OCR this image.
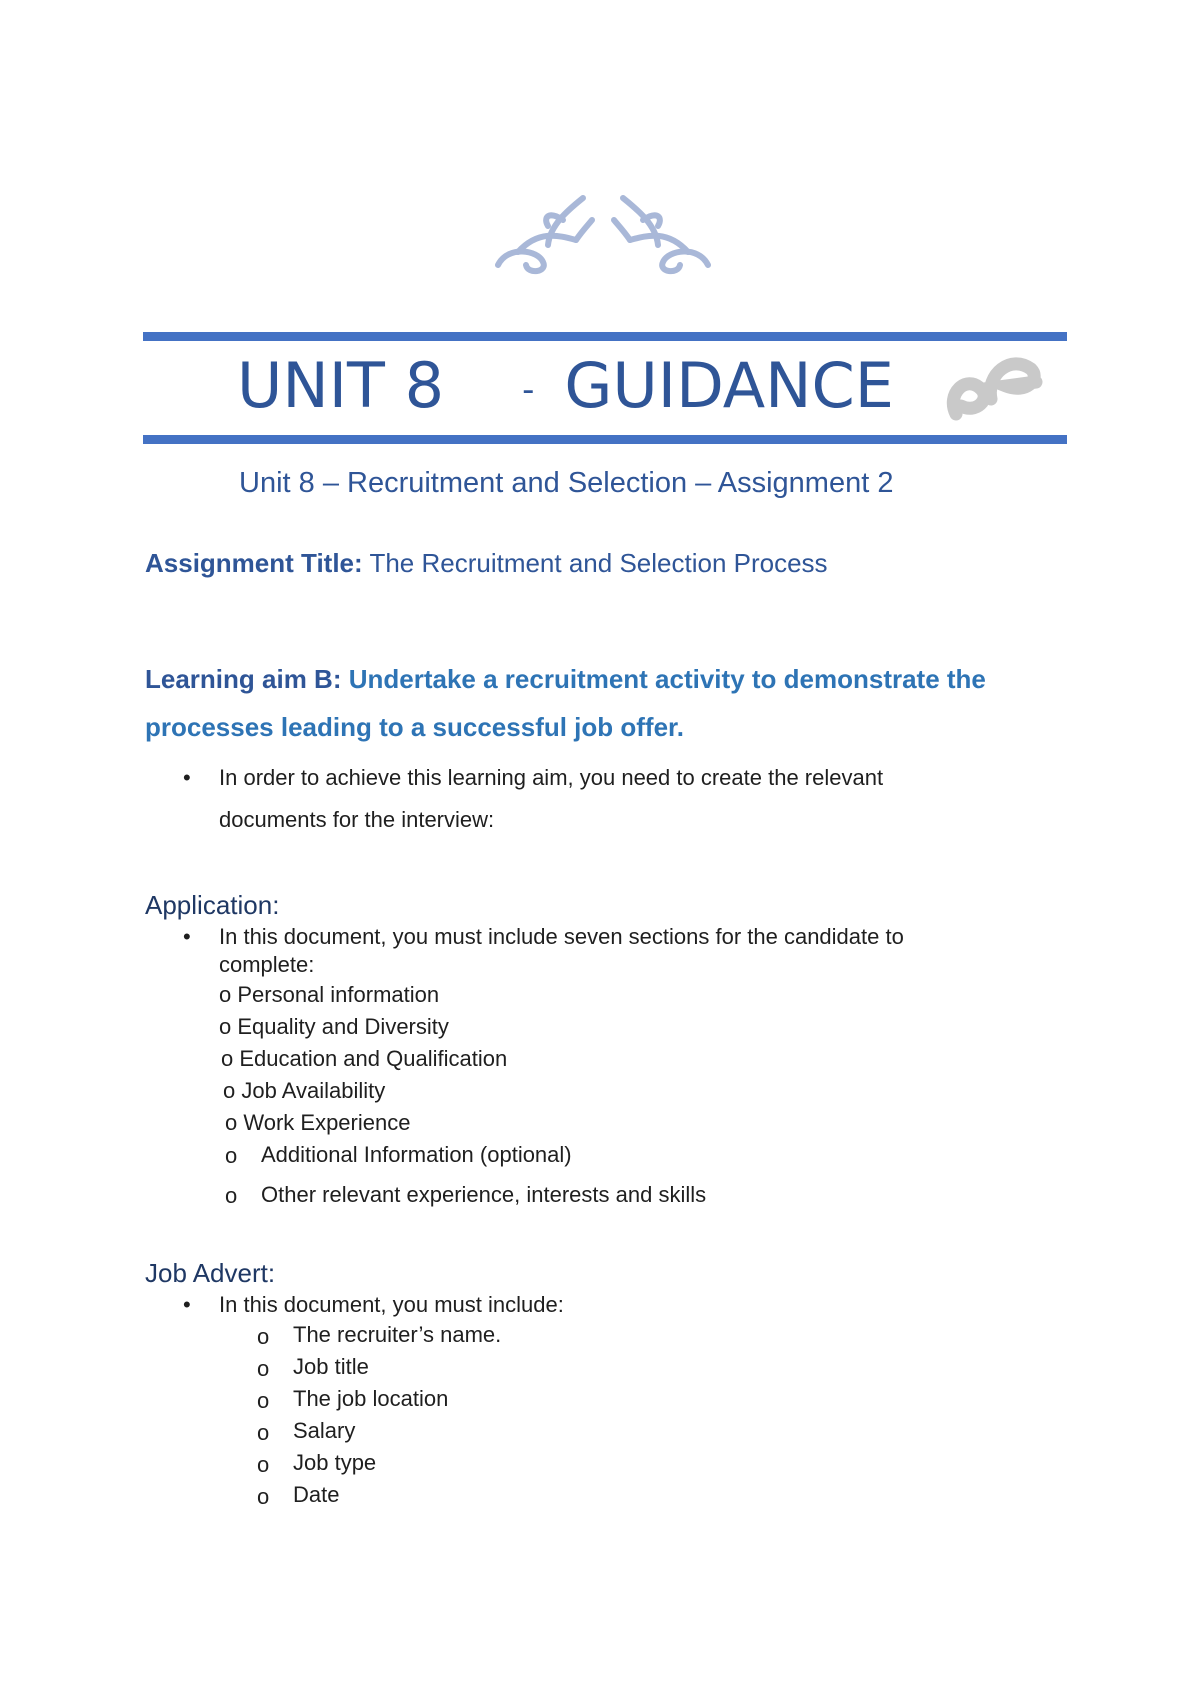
UNIT 8 - GUIDANCE
Unit 8 – Recruitment and Selection – Assignment 2
Assignment Title: The Recruitment and Selection Process
Learning aim B: Undertake a recruitment activity to demonstrate the processes leading to a successful job offer.
• In order to achieve this learning aim, you need to create the relevant documents for the interview:
Application:
• In this document, you must include seven sections for the candidate to complete:
o Personal information
o Equality and Diversity
o Education and Qualification
o Job Availability
o Work Experience
o Additional Information (optional)
o Other relevant experience, interests and skills
Job Advert:
• In this document, you must include:
o The recruiter’s name.
o Job title
o The job location
o Salary
o Job type
o Date
